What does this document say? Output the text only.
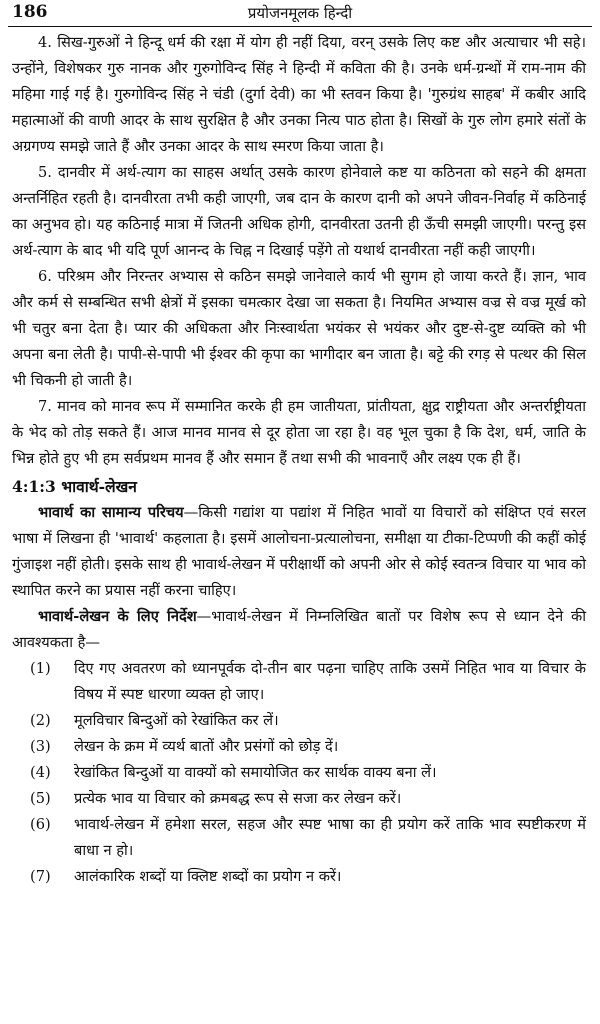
186	प्रयोजनमूलक हिन्दी

4. सिख-गुरुओं ने हिन्दू धर्म की रक्षा में योग ही नहीं दिया, वरन् उसके लिए कष्ट और अत्याचार भी सहे। उन्होंने, विशेषकर गुरु नानक और गुरुगोविन्द सिंह ने हिन्दी में कविता की है। उनके धर्म-ग्रन्थों में राम-नाम की महिमा गाई गई है। गुरुगोविन्द सिंह ने चंडी (दुर्गा देवी) का भी स्तवन किया है। 'गुरुग्रंथ साहब' में कबीर आदि महात्माओं की वाणी आदर के साथ सुरक्षित है और उनका नित्य पाठ होता है। सिखों के गुरु लोग हमारे संतों के अग्रगण्य समझे जाते हैं और उनका आदर के साथ स्मरण किया जाता है।

5. दानवीर में अर्थ-त्याग का साहस अर्थात् उसके कारण होनेवाले कष्ट या कठिनता को सहने की क्षमता अन्तर्निहित रहती है। दानवीरता तभी कही जाएगी, जब दान के कारण दानी को अपने जीवन-निर्वाह में कठिनाई का अनुभव हो। यह कठिनाई मात्रा में जितनी अधिक होगी, दानवीरता उतनी ही ऊँची समझी जाएगी। परन्तु इस अर्थ-त्याग के बाद भी यदि पूर्ण आनन्द के चिह्न न दिखाई पड़ेंगे तो यथार्थ दानवीरता नहीं कही जाएगी।

6. परिश्रम और निरन्तर अभ्यास से कठिन समझे जानेवाले कार्य भी सुगम हो जाया करते हैं। ज्ञान, भाव और कर्म से सम्बन्धित सभी क्षेत्रों में इसका चमत्कार देखा जा सकता है। नियमित अभ्यास वज्र से वज्र मूर्ख को भी चतुर बना देता है। प्यार की अधिकता और निःस्वार्थता भयंकर से भयंकर और दुष्ट-से-दुष्ट व्यक्ति को भी अपना बना लेती है। पापी-से-पापी भी ईश्वर की कृपा का भागीदार बन जाता है। बट्टे की रगड़ से पत्थर की सिल भी चिकनी हो जाती है।

7. मानव को मानव रूप में सम्मानित करके ही हम जातीयता, प्रांतीयता, क्षुद्र राष्ट्रीयता और अन्तर्राष्ट्रीयता के भेद को तोड़ सकते हैं। आज मानव मानव से दूर होता जा रहा है। वह भूल चुका है कि देश, धर्म, जाति के भिन्न होते हुए भी हम सर्वप्रथम मानव हैं और समान हैं तथा सभी की भावनाएँ और लक्ष्य एक ही हैं।

4:1:3 भावार्थ-लेखन

भावार्थ का सामान्य परिचय—किसी गद्यांश या पद्यांश में निहित भावों या विचारों को संक्षिप्त एवं सरल भाषा में लिखना ही 'भावार्थ' कहलाता है। इसमें आलोचना-प्रत्यालोचना, समीक्षा या टीका-टिप्पणी की कहीं कोई गुंजाइश नहीं होती। इसके साथ ही भावार्थ-लेखन में परीक्षार्थी को अपनी ओर से कोई स्वतन्त्र विचार या भाव को स्थापित करने का प्रयास नहीं करना चाहिए।

भावार्थ-लेखन के लिए निर्देश—भावार्थ-लेखन में निम्नलिखित बातों पर विशेष रूप से ध्यान देने की आवश्यकता है—

(1)	दिए गए अवतरण को ध्यानपूर्वक दो-तीन बार पढ़ना चाहिए ताकि उसमें निहित भाव या विचार के विषय में स्पष्ट धारणा व्यक्त हो जाए।
(2)	मूलविचार बिन्दुओं को रेखांकित कर लें।
(3)	लेखन के क्रम में व्यर्थ बातों और प्रसंगों को छोड़ दें।
(4)	रेखांकित बिन्दुओं या वाक्यों को समायोजित कर सार्थक वाक्य बना लें।
(5)	प्रत्येक भाव या विचार को क्रमबद्ध रूप से सजा कर लेखन करें।
(6)	भावार्थ-लेखन में हमेशा सरल, सहज और स्पष्ट भाषा का ही प्रयोग करें ताकि भाव स्पष्टीकरण में बाधा न हो।
(7)	आलंकारिक शब्दों या क्लिष्ट शब्दों का प्रयोग न करें।
